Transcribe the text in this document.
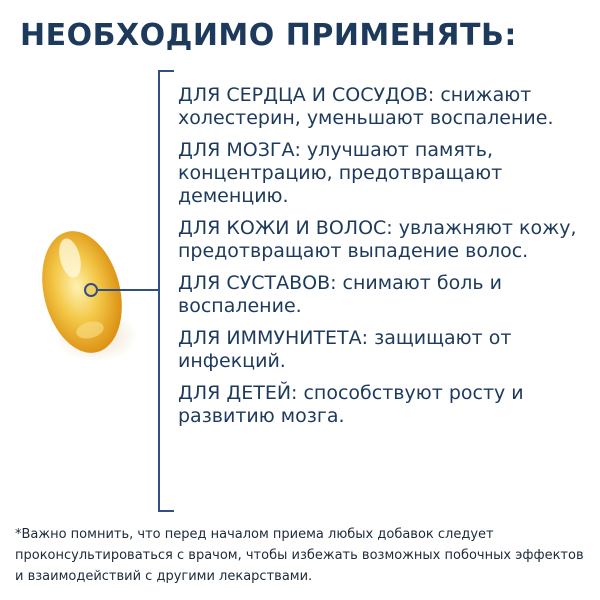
НЕОБХОДИМО ПРИМЕНЯТЬ:
ДЛЯ СЕРДЦА И СОСУДОВ: снижают холестерин, уменьшают воспаление.
ДЛЯ МОЗГА: улучшают память, концентрацию, предотвращают деменцию.
ДЛЯ КОЖИ И ВОЛОС: увлажняют кожу, предотвращают выпадение волос.
ДЛЯ СУСТАВОВ: снимают боль и воспаление.
ДЛЯ ИММУНИТЕТА: защищают от инфекций.
ДЛЯ ДЕТЕЙ: способствуют росту и развитию мозга.

*Важно помнить, что перед началом приема любых добавок следует проконсультироваться с врачом, чтобы избежать возможных побочных эффектов и взаимодействий с другими лекарствами.
